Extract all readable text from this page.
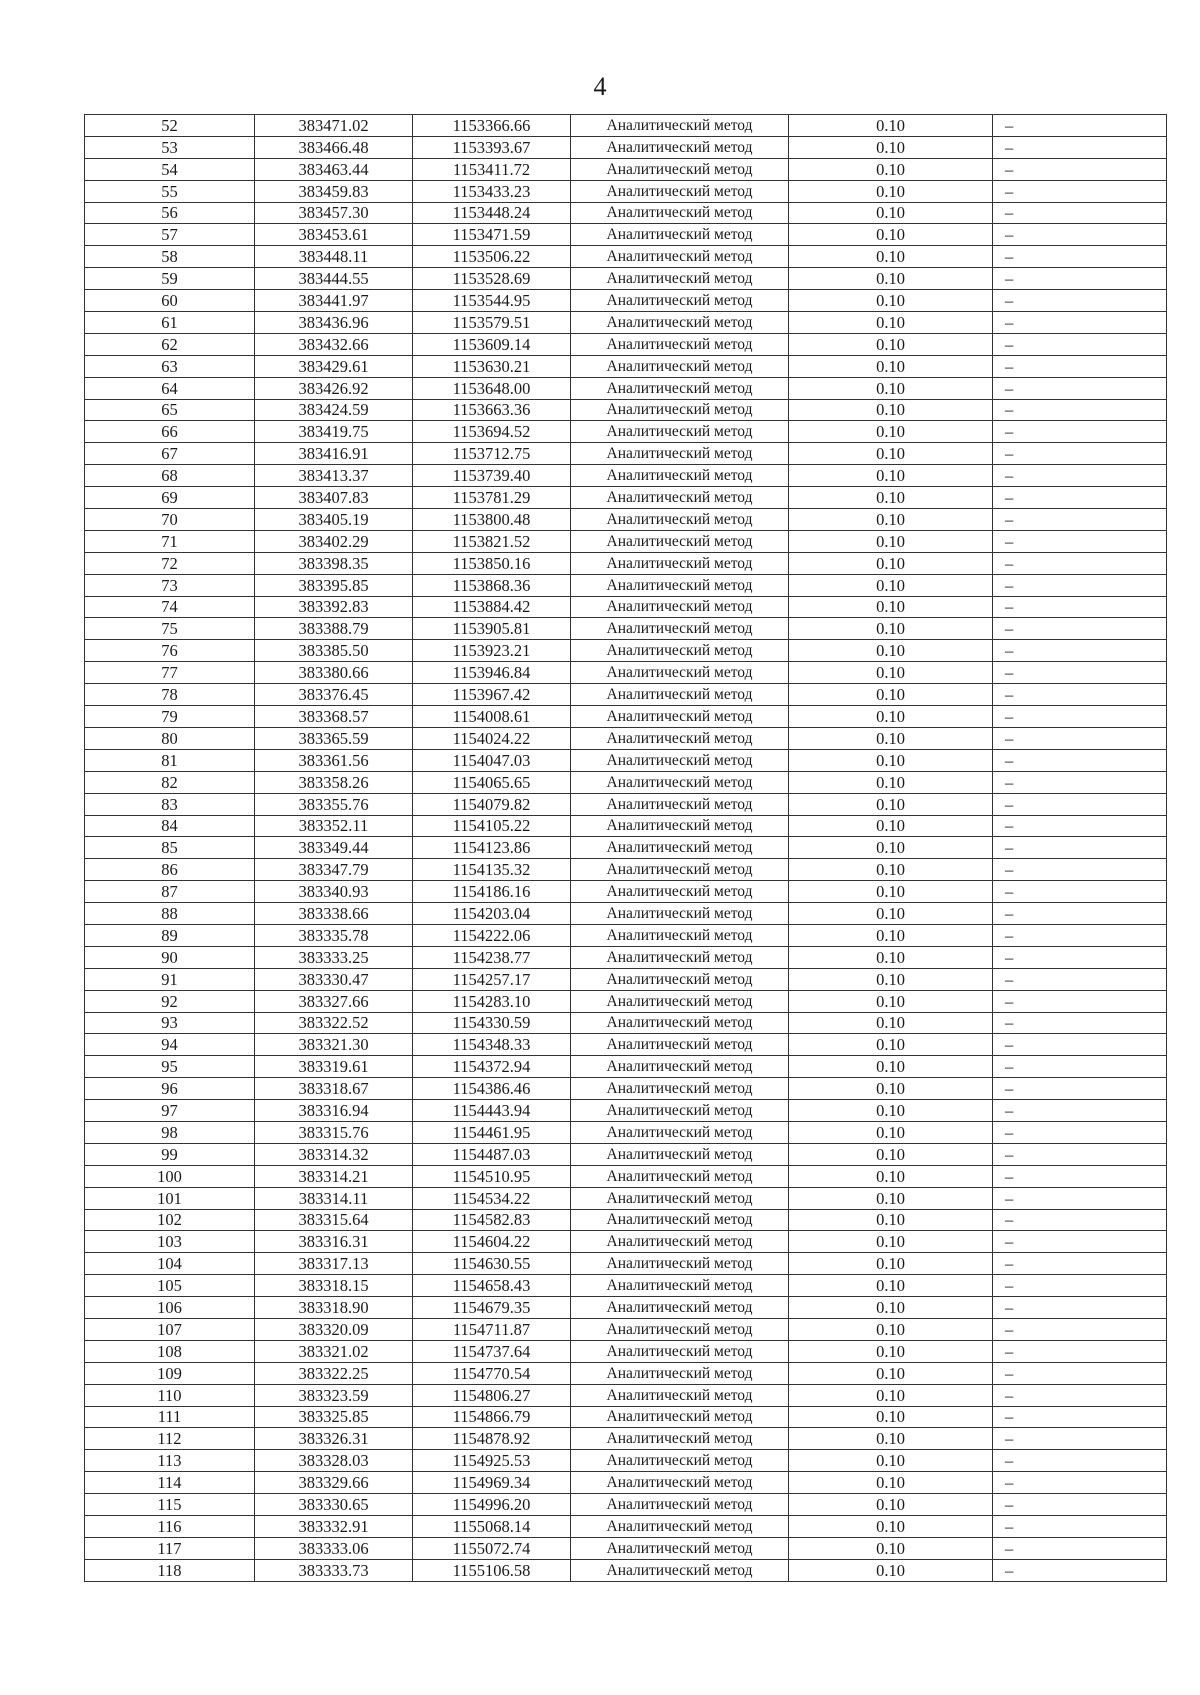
4
52	383471.02	1153366.66	Аналитический метод	0.10	–
53	383466.48	1153393.67	Аналитический метод	0.10	–
54	383463.44	1153411.72	Аналитический метод	0.10	–
55	383459.83	1153433.23	Аналитический метод	0.10	–
56	383457.30	1153448.24	Аналитический метод	0.10	–
57	383453.61	1153471.59	Аналитический метод	0.10	–
58	383448.11	1153506.22	Аналитический метод	0.10	–
59	383444.55	1153528.69	Аналитический метод	0.10	–
60	383441.97	1153544.95	Аналитический метод	0.10	–
61	383436.96	1153579.51	Аналитический метод	0.10	–
62	383432.66	1153609.14	Аналитический метод	0.10	–
63	383429.61	1153630.21	Аналитический метод	0.10	–
64	383426.92	1153648.00	Аналитический метод	0.10	–
65	383424.59	1153663.36	Аналитический метод	0.10	–
66	383419.75	1153694.52	Аналитический метод	0.10	–
67	383416.91	1153712.75	Аналитический метод	0.10	–
68	383413.37	1153739.40	Аналитический метод	0.10	–
69	383407.83	1153781.29	Аналитический метод	0.10	–
70	383405.19	1153800.48	Аналитический метод	0.10	–
71	383402.29	1153821.52	Аналитический метод	0.10	–
72	383398.35	1153850.16	Аналитический метод	0.10	–
73	383395.85	1153868.36	Аналитический метод	0.10	–
74	383392.83	1153884.42	Аналитический метод	0.10	–
75	383388.79	1153905.81	Аналитический метод	0.10	–
76	383385.50	1153923.21	Аналитический метод	0.10	–
77	383380.66	1153946.84	Аналитический метод	0.10	–
78	383376.45	1153967.42	Аналитический метод	0.10	–
79	383368.57	1154008.61	Аналитический метод	0.10	–
80	383365.59	1154024.22	Аналитический метод	0.10	–
81	383361.56	1154047.03	Аналитический метод	0.10	–
82	383358.26	1154065.65	Аналитический метод	0.10	–
83	383355.76	1154079.82	Аналитический метод	0.10	–
84	383352.11	1154105.22	Аналитический метод	0.10	–
85	383349.44	1154123.86	Аналитический метод	0.10	–
86	383347.79	1154135.32	Аналитический метод	0.10	–
87	383340.93	1154186.16	Аналитический метод	0.10	–
88	383338.66	1154203.04	Аналитический метод	0.10	–
89	383335.78	1154222.06	Аналитический метод	0.10	–
90	383333.25	1154238.77	Аналитический метод	0.10	–
91	383330.47	1154257.17	Аналитический метод	0.10	–
92	383327.66	1154283.10	Аналитический метод	0.10	–
93	383322.52	1154330.59	Аналитический метод	0.10	–
94	383321.30	1154348.33	Аналитический метод	0.10	–
95	383319.61	1154372.94	Аналитический метод	0.10	–
96	383318.67	1154386.46	Аналитический метод	0.10	–
97	383316.94	1154443.94	Аналитический метод	0.10	–
98	383315.76	1154461.95	Аналитический метод	0.10	–
99	383314.32	1154487.03	Аналитический метод	0.10	–
100	383314.21	1154510.95	Аналитический метод	0.10	–
101	383314.11	1154534.22	Аналитический метод	0.10	–
102	383315.64	1154582.83	Аналитический метод	0.10	–
103	383316.31	1154604.22	Аналитический метод	0.10	–
104	383317.13	1154630.55	Аналитический метод	0.10	–
105	383318.15	1154658.43	Аналитический метод	0.10	–
106	383318.90	1154679.35	Аналитический метод	0.10	–
107	383320.09	1154711.87	Аналитический метод	0.10	–
108	383321.02	1154737.64	Аналитический метод	0.10	–
109	383322.25	1154770.54	Аналитический метод	0.10	–
110	383323.59	1154806.27	Аналитический метод	0.10	–
111	383325.85	1154866.79	Аналитический метод	0.10	–
112	383326.31	1154878.92	Аналитический метод	0.10	–
113	383328.03	1154925.53	Аналитический метод	0.10	–
114	383329.66	1154969.34	Аналитический метод	0.10	–
115	383330.65	1154996.20	Аналитический метод	0.10	–
116	383332.91	1155068.14	Аналитический метод	0.10	–
117	383333.06	1155072.74	Аналитический метод	0.10	–
118	383333.73	1155106.58	Аналитический метод	0.10	–
